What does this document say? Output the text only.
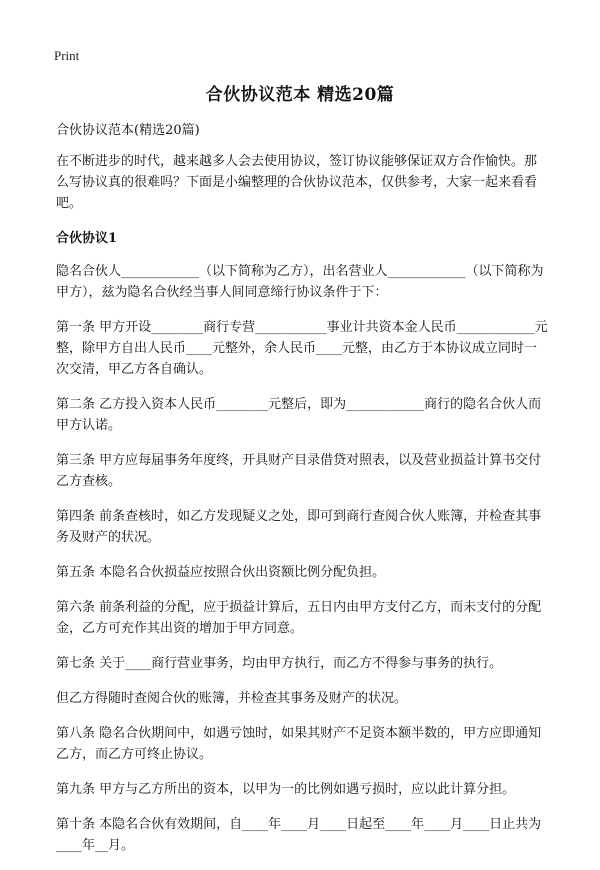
Print
合伙协议范本 精选20篇

合伙协议范本(精选20篇)

在不断进步的时代，越来越多人会去使用协议，签订协议能够保证双方合作愉快。那么写协议真的很难吗？下面是小编整理的合伙协议范本，仅供参考，大家一起来看看吧。

合伙协议1

隐名合伙人____________（以下简称为乙方），出名营业人____________（以下简称为甲方），兹为隐名合伙经当事人间同意缔行协议条件于下：

第一条 甲方开设________商行专营___________事业计共资本金人民币____________元整，除甲方自出人民币____元整外，余人民币____元整，由乙方于本协议成立同时一次交清，甲乙方各自确认。

第二条 乙方投入资本人民币________元整后，即为____________商行的隐名合伙人而甲方认诺。

第三条 甲方应每届事务年度终，开具财产目录借贷对照表，以及营业损益计算书交付乙方查核。

第四条 前条查核时，如乙方发现疑义之处，即可到商行查阅合伙人账簿，并检查其事务及财产的状况。

第五条 本隐名合伙损益应按照合伙出资额比例分配负担。

第六条 前条利益的分配，应于损益计算后，五日内由甲方支付乙方，而未支付的分配金，乙方可充作其出资的增加于甲方同意。

第七条 关于____商行营业事务，均由甲方执行，而乙方不得参与事务的执行。

但乙方得随时查阅合伙的账簿，并检查其事务及财产的状况。

第八条 隐名合伙期间中，如遇亏蚀时，如果其财产不足资本额半数的，甲方应即通知乙方，而乙方可终止协议。

第九条 甲方与乙方所出的资本，以甲为一的比例如遇亏损时，应以此计算分担。

第十条 本隐名合伙有效期间，自____年____月____日起至____年____月____日止共为____年__月。
